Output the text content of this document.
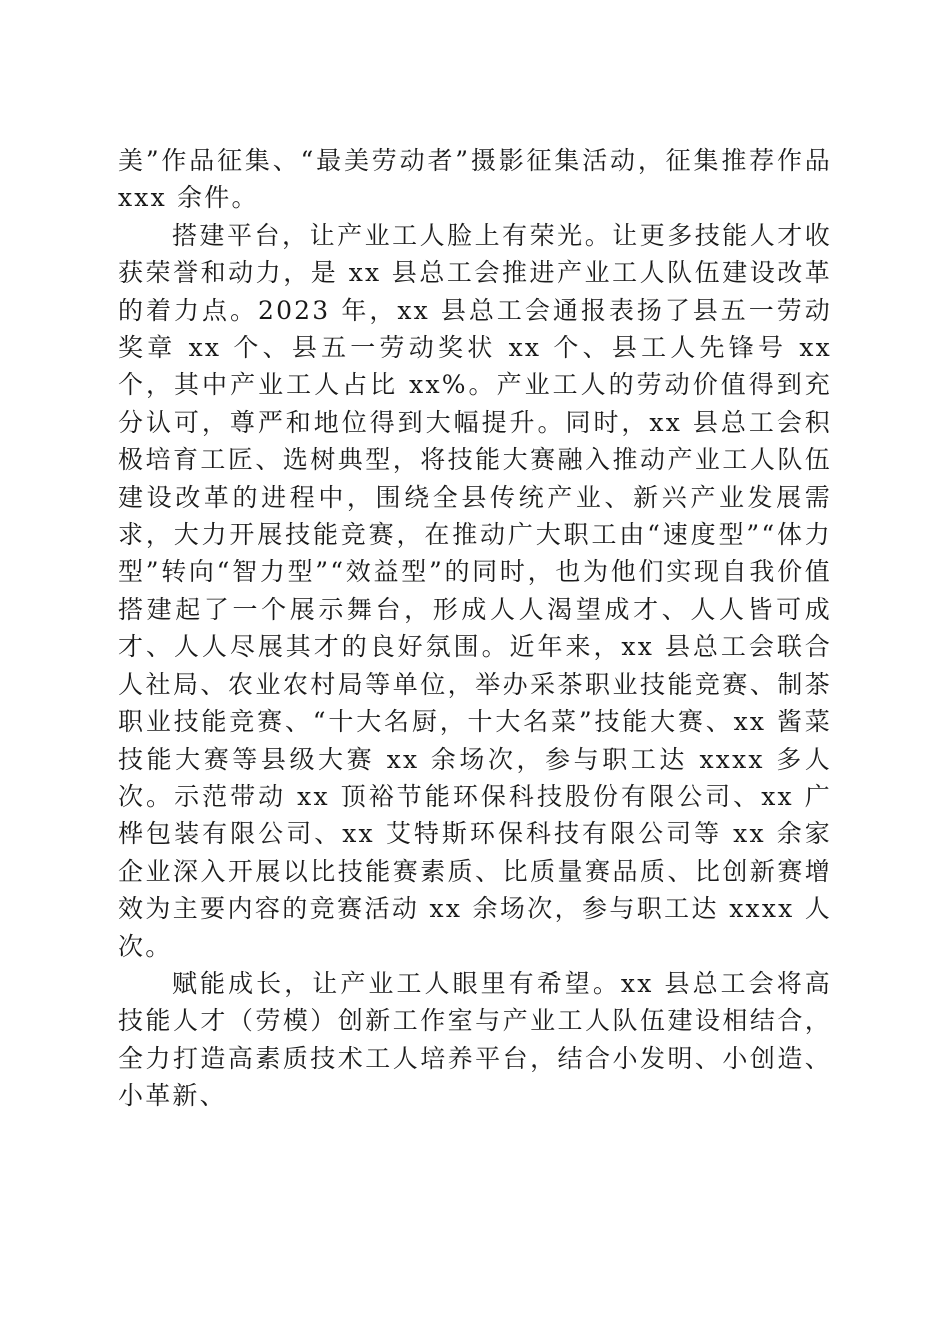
美”作品征集、“最美劳动者”摄影征集活动，征集推荐作品 xxx 余件。

搭建平台，让产业工人脸上有荣光。让更多技能人才收获荣誉和动力，是 xx 县总工会推进产业工人队伍建设改革的着力点。2023 年，xx 县总工会通报表扬了县五一劳动奖章 xx 个、县五一劳动奖状 xx 个、县工人先锋号 xx 个，其中产业工人占比 xx%。产业工人的劳动价值得到充分认可，尊严和地位得到大幅提升。同时，xx 县总工会积极培育工匠、选树典型，将技能大赛融入推动产业工人队伍建设改革的进程中，围绕全县传统产业、新兴产业发展需求，大力开展技能竞赛，在推动广大职工由“速度型”“体力型”转向“智力型”“效益型”的同时，也为他们实现自我价值搭建起了一个展示舞台，形成人人渴望成才、人人皆可成才、人人尽展其才的良好氛围。近年来，xx 县总工会联合人社局、农业农村局等单位，举办采茶职业技能竞赛、制茶职业技能竞赛、“十大名厨，十大名菜”技能大赛、xx 酱菜技能大赛等县级大赛 xx 余场次，参与职工达 xxxx 多人次。示范带动 xx 顶裕节能环保科技股份有限公司、xx 广桦包装有限公司、xx 艾特斯环保科技有限公司等 xx 余家企业深入开展以比技能赛素质、比质量赛品质、比创新赛增效为主要内容的竞赛活动 xx 余场次，参与职工达 xxxx 人次。

赋能成长，让产业工人眼里有希望。xx 县总工会将高技能人才（劳模）创新工作室与产业工人队伍建设相结合，全力打造高素质技术工人培养平台，结合小发明、小创造、小革新、
